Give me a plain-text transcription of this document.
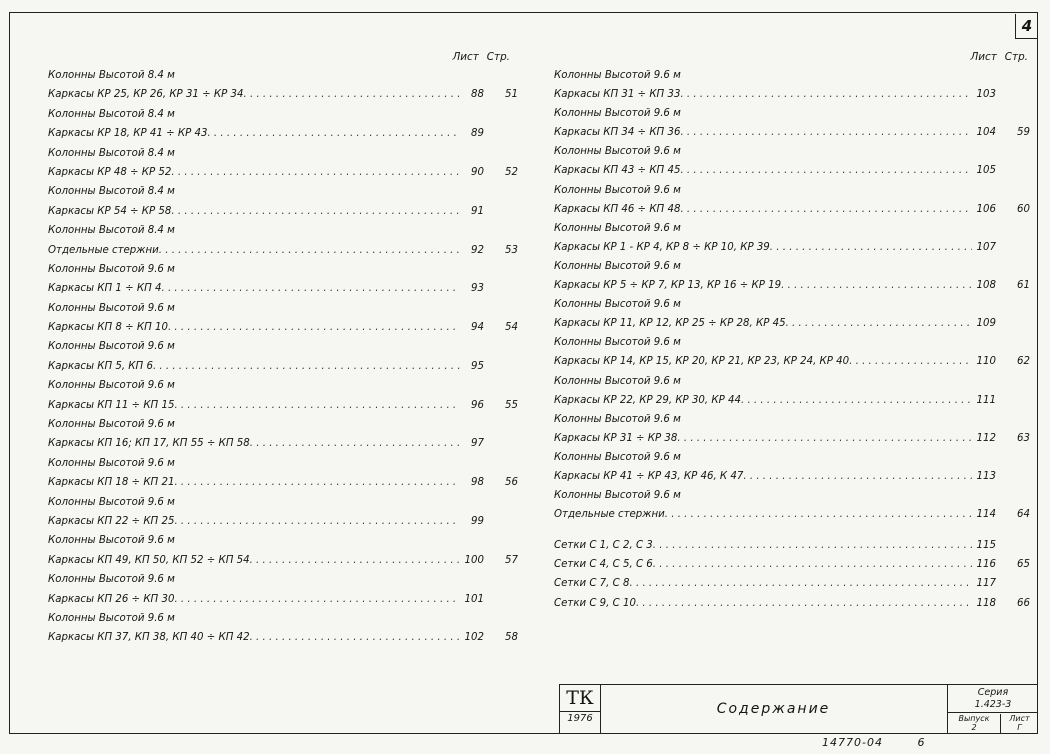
4
Лист Стр.
Колонны Высотой 8.4 м
Каркасы КР 25, КР 26, КР 31 ÷ КР 34 . . .	88	51
Колонны Высотой 8.4 м
Каркасы КР 18, КР 41 ÷ КР 43 . . .	89
Колонны Высотой 8.4 м
Каркасы КР 48 ÷ КР 52 . . .	90	52
Колонны Высотой 8.4 м
Каркасы КР 54 ÷ КР 58 . . .	91
Колонны Высотой 8.4 м
Отдельные стержни . . .	92	53
Колонны Высотой 9.6 м
Каркасы КП 1 ÷ КП 4 . . .	93
Колонны Высотой 9.6 м
Каркасы КП 8 ÷ КП 10 . . .	94	54
Колонны Высотой 9.6 м
Каркасы КП 5, КП 6 . . .	95
Колонны Высотой 9.6 м
Каркасы КП 11 ÷ КП 15 . . .	96	55
Колонны Высотой 9.6 м
Каркасы КП 16; КП 17, КП 55 ÷ КП 58 . . .	97
Колонны Высотой 9.6 м
Каркасы КП 18 ÷ КП 21 . . .	98	56
Колонны Высотой 9.6 м
Каркасы КП 22 ÷ КП 25 . . .	99
Колонны Высотой 9.6 м
Каркасы КП 49, КП 50, КП 52 ÷ КП 54 . . .	100	57
Колонны Высотой 9.6 м
Каркасы КП 26 ÷ КП 30 . . .	101
Колонны Высотой 9.6 м
Каркасы КП 37, КП 38, КП 40 ÷ КП 42 . . .	102	58
Лист Стр.
Колонны Высотой 9.6 м
Каркасы КП 31 ÷ КП 33 . . .	103
Колонны Высотой 9.6 м
Каркасы КП 34 ÷ КП 36 . . .	104	59
Колонны Высотой 9.6 м
Каркасы КП 43 ÷ КП 45 . . .	105
Колонны Высотой 9.6 м
Каркасы КП 46 ÷ КП 48 . . .	106	60
Колонны Высотой 9.6 м
Каркасы КР 1 - КР 4, КР 8 ÷ КР 10, КР 39 . . .	107
Колонны Высотой 9.6 м
Каркасы КР 5 ÷ КР 7, КР 13, КР 16 ÷ КР 19 . . .	108	61
Колонны Высотой 9.6 м
Каркасы КР 11, КР 12, КР 25 ÷ КР 28, КР 45 . . .	109
Колонны Высотой 9.6 м
Каркасы КР 14, КР 15, КР 20, КР 21, КР 23, КР 24, КР 40 . . .	110	62
Колонны Высотой 9.6 м
Каркасы КР 22, КР 29, КР 30, КР 44 . . .	111
Колонны Высотой 9.6 м
Каркасы КР 31 ÷ КР 38 . . .	112	63
Колонны Высотой 9.6 м
Каркасы КР 41 ÷ КР 43, КР 46, К 47 . . .	113
Колонны Высотой 9.6 м
Отдельные стержни . . .	114	64
Сетки С 1, С 2, С 3 . . .	115
Сетки С 4, С 5, С 6 . . .	116	65
Сетки С 7, С 8 . . .	117
Сетки С 9, С 10 . . .	118	66
ТК
1976
Содержание
Серия
1.423-3
Выпуск
2
Лист
Г
14770-04	6
